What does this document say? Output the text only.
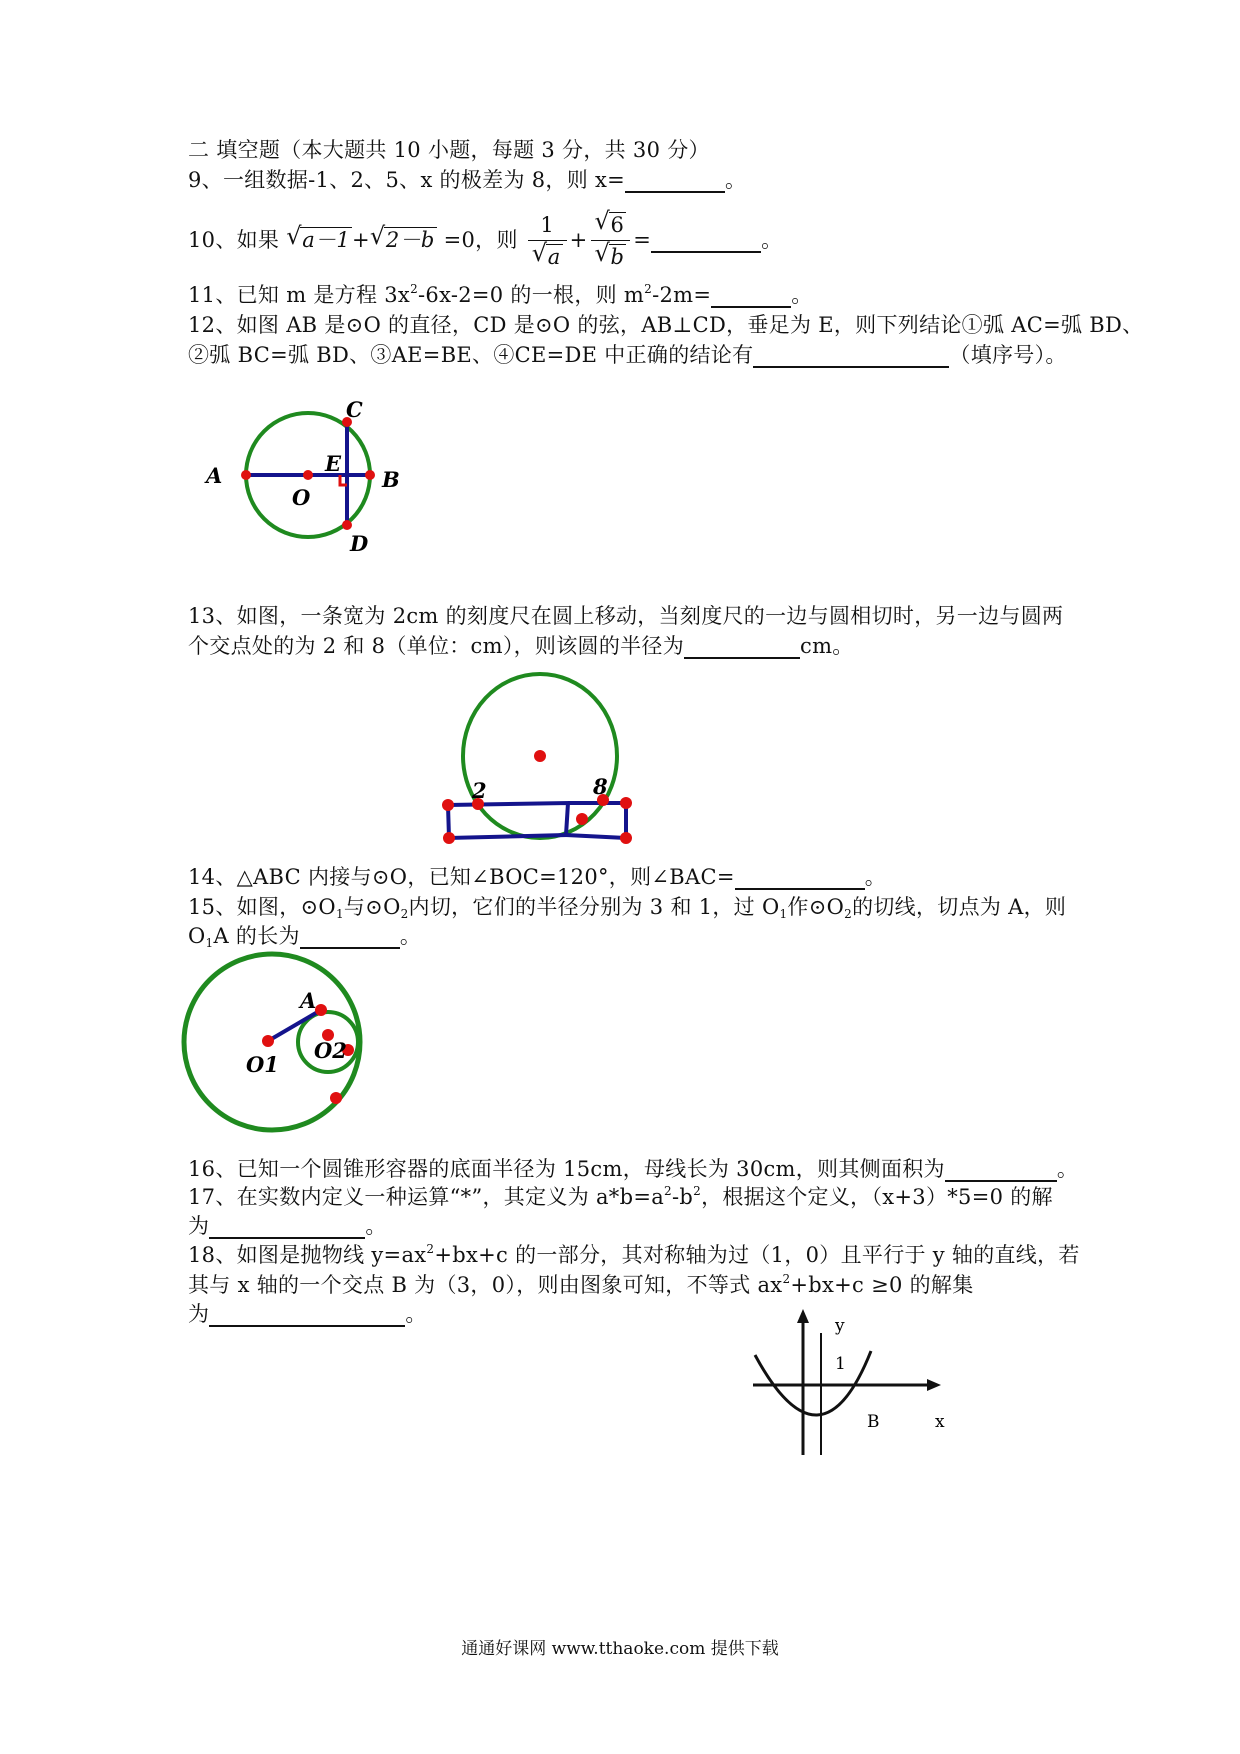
二 填空题（本大题共 10 小题，每题 3 分，共 30 分）
9、一组数据-1、2、5、x 的极差为 8，则 x=	。
10、如果 √ a－1+ √ 2－b =0，则 $\frac{1}{√ a} + \frac{√ 6}{√ b}$ =	。
11、已知 m 是方程 $3x^2-6x-2=0$ 的一根，则 $m^2-2m=$	。
12、如图 AB 是⊙O 的直径，CD 是⊙O 的弦，AB⊥CD，垂足为 E，则下列结论①弧 AC=弧 BD、
②弧 BC=弧 BD、③AE=BE、④CE=DE 中正确的结论有	（填序号）。
A	B
C
D
E
O
13、如图，一条宽为 2cm 的刻度尺在圆上移动，当刻度尺的一边与圆相切时，另一边与圆两
个交点处的为 2 和 8（单位：cm），则该圆的半径为	cm。
2	8
14、△ABC 内接与⊙O，已知∠BOC=120°，则∠BAC=	。
15、如图，$⊙O_1$与$⊙O_2$内切，它们的半径分别为 3 和 1，过 $O_1$作$⊙O_2$的切线，切点为 A，则
$O_1A$ 的长为	。
A
O1
O2
16、已知一个圆锥形容器的底面半径为 15cm，母线长为 30cm，则其侧面积为	。
17、在实数内定义一种运算“*”，其定义为 $a*b=a^2-b^2$，根据这个定义，（x+3）*5=0 的解
为	。
18、如图是抛物线 $y=ax^2+bx+c$ 的一部分，其对称轴为过（1，0）且平行于 y 轴的直线，若
其与 x 轴的一个交点 B 为（3，0），则由图象可知，不等式 $ax^2+bx+c \ge 0$ 的解集
为	。	y
1
B	x
通通好课网 www.tthaoke.com 提供下载
